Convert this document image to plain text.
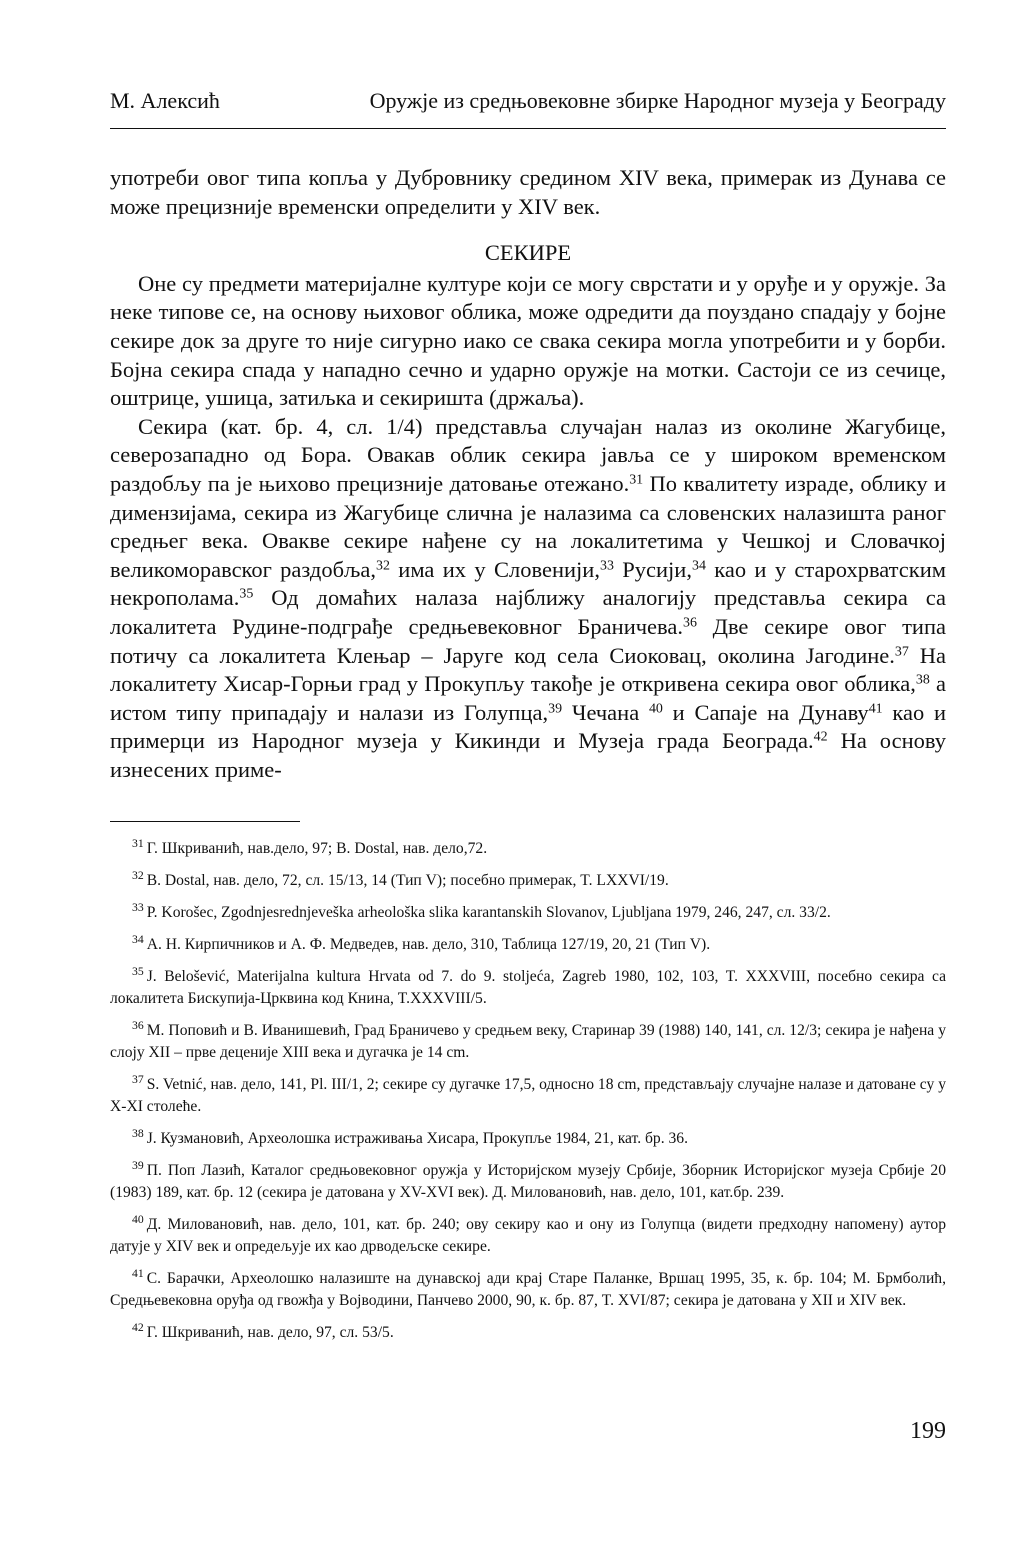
М. Алексић	Оружје из средњовековне збирке Народног музеја у Београду

употреби овог типа копља у Дубровнику средином XIV века, примерак из Дунава се може прецизније временски определити у XIV век.

СЕКИРЕ

Оне су предмети материјалне културе који се могу сврстати и у оруђе и у оружје. За неке типове се, на основу њиховог облика, може одредити да поуздано спадају у бојне секире док за друге то није сигурно иако се свака секира могла употребити и у борби. Бојна секира спада у нападно сечно и ударно оружје на мотки. Састоји се из сечице, оштрице, ушица, затиљка и секиришта (држаља).

Секира (кат. бр. 4, сл. 1/4) представља случајан налаз из околине Жагубице, северозападно од Бора. Овакав облик секира јавља се у широком временском раздобљу па је њихово прецизније датовање отежано.$^{31}$ По квалитету израде, облику и димензијама, секира из Жагубице слична је налазима са словенских налазишта раног средњег века. Овакве секире нађене су на локалитетима у Чешкој и Словачкој великоморавског раздобља,$^{32}$ има их у Словенији,$^{33}$ Русији,$^{34}$ као и у старохрватским некрополама.$^{35}$ Од домаћих налаза најближу аналогију представља секира са локалитета Рудине-подграђе средњевековног Браничева.$^{36}$ Две секире овог типа потичу са локалитета Клењар – Јаруге код села Сиоковац, околина Јагодине.$^{37}$ На локалитету Хисар-Горњи град у Прокупљу такође је откривена секира овог облика,$^{38}$ а истом типу припадају и налази из Голупца,$^{39}$ Чечана $^{40}$ и Сапаје на Дунаву$^{41}$ као и примерци из Народног музеја у Кикинди и Музеја града Београда.$^{42}$ На основу изнесених приме-

$^{31}$ Г. Шкриванић, нав.дело, 97; B. Dostal, нав. дело,72.

$^{32}$ B. Dostal, нав. дело, 72, сл. 15/13, 14 (Тип V); посебно примерак, T. LXXVI/19.

$^{33}$ P. Korošec, Zgodnjesrednjeveška arheološka slika karantanskih Slovanov, Ljubljana 1979, 246, 247, сл. 33/2.

$^{34}$ А. Н. Кирпичников и А. Ф. Медведев, нав. дело, 310, Таблица 127/19, 20, 21 (Тип V).

$^{35}$ J. Belošević, Materijalna kultura Hrvata od 7. do 9. stoljeća, Zagreb 1980, 102, 103, T. XXXVIII, посебно секира са локалитета Бискупија-Црквина код Книна, T.XXXVIII/5.

$^{36}$ М. Поповић и В. Иванишевић, Град Браничево у средњем веку, Старинар 39 (1988) 140, 141, сл. 12/3; секира је нађена у слоју XII – прве деценије XIII века и дугачка је 14 cm.

$^{37}$ S. Vetnić, нав. дело, 141, Pl. III/1, 2; секире су дугачке 17,5, односно 18 cm, представљају случајне налазе и датоване су у X-XI столеће.

$^{38}$ J. Кузмановић, Археолошка истраживања Хисара, Прокупље 1984, 21, кат. бр. 36.

$^{39}$ П. Поп Лазић, Каталог средњовековног оружја у Историјском музеју Србије, Зборник Историјског музеја Србије 20 (1983) 189, кат. бр. 12 (секира је датована у XV-XVI век). Д. Миловановић, нав. дело, 101, кат.бр. 239.

$^{40}$ Д. Миловановић, нав. дело, 101, кат. бр. 240; ову секиру као и ону из Голупца (видети предходну напомену) аутор датује у XIV век и опредељује их као дрводељске секире.

$^{41}$ С. Барачки, Археолошко налазиште на дунавској ади крај Старе Паланке, Вршац 1995, 35, к. бр. 104; М. Брмболић, Средњевековна оруђа од гвожђа у Војводини, Панчево 2000, 90, к. бр. 87, T. XVI/87; секира је датована у XII и XIV век.

$^{42}$ Г. Шкриванић, нав. дело, 97, сл. 53/5.

199
